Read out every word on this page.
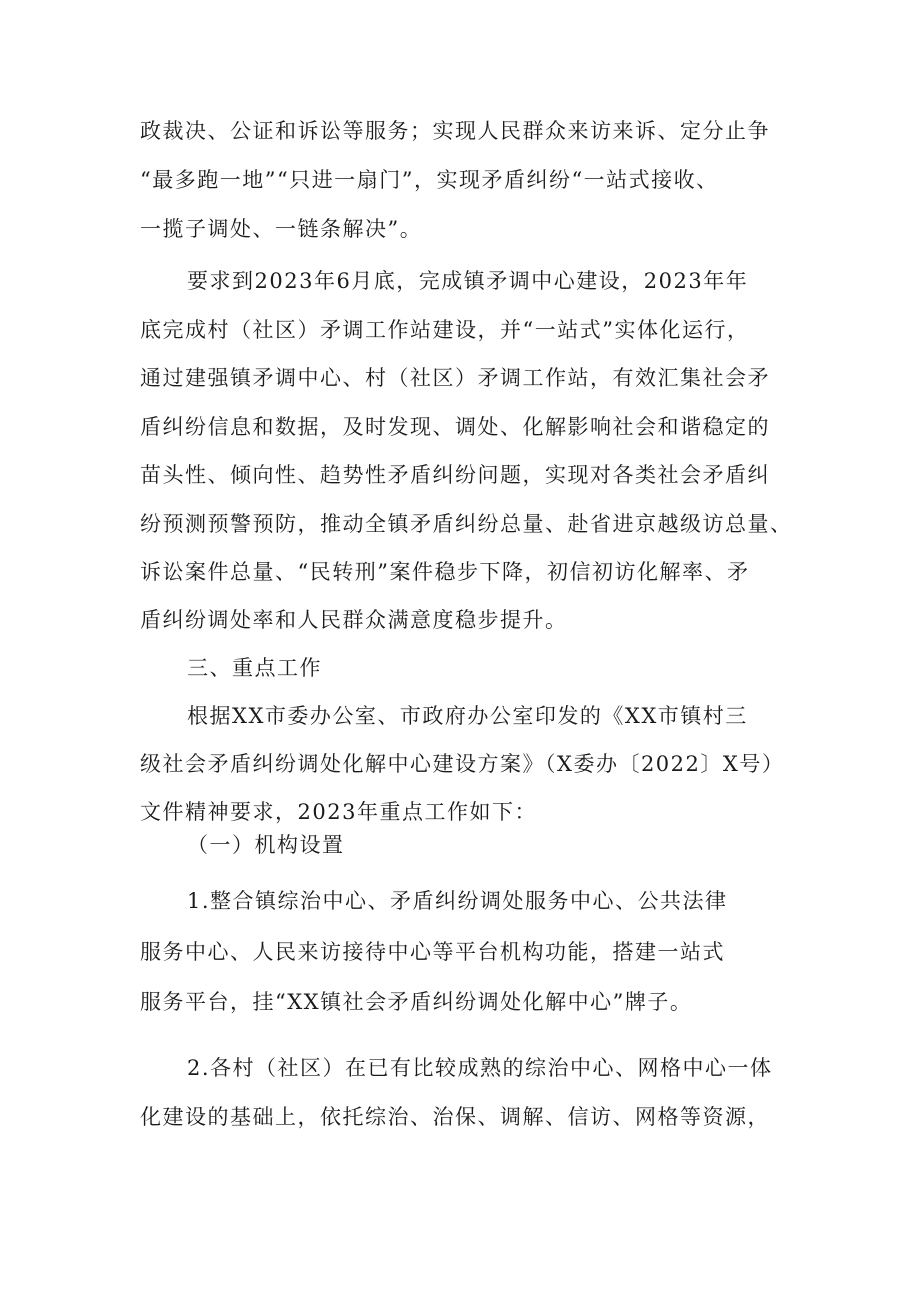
政裁决、公证和诉讼等服务；实现人民群众来访来诉、定分止争
“最多跑一地”“只进一扇门”，实现矛盾纠纷“一站式接收、
一揽子调处、一链条解决”。
要求到2023年6月底，完成镇矛调中心建设，2023年年
底完成村（社区）矛调工作站建设，并“一站式”实体化运行，
通过建强镇矛调中心、村（社区）矛调工作站，有效汇集社会矛
盾纠纷信息和数据，及时发现、调处、化解影响社会和谐稳定的
苗头性、倾向性、趋势性矛盾纠纷问题，实现对各类社会矛盾纠
纷预测预警预防，推动全镇矛盾纠纷总量、赴省进京越级访总量、
诉讼案件总量、“民转刑”案件稳步下降，初信初访化解率、矛
盾纠纷调处率和人民群众满意度稳步提升。
三、重点工作
根据XX市委办公室、市政府办公室印发的《XX市镇村三
级社会矛盾纠纷调处化解中心建设方案》（X委办〔2022〕X号）
文件精神要求，2023年重点工作如下：
（一）机构设置
1.整合镇综治中心、矛盾纠纷调处服务中心、公共法律
服务中心、人民来访接待中心等平台机构功能，搭建一站式
服务平台，挂“XX镇社会矛盾纠纷调处化解中心”牌子。
2.各村（社区）在已有比较成熟的综治中心、网格中心一体
化建设的基础上，依托综治、治保、调解、信访、网格等资源，
